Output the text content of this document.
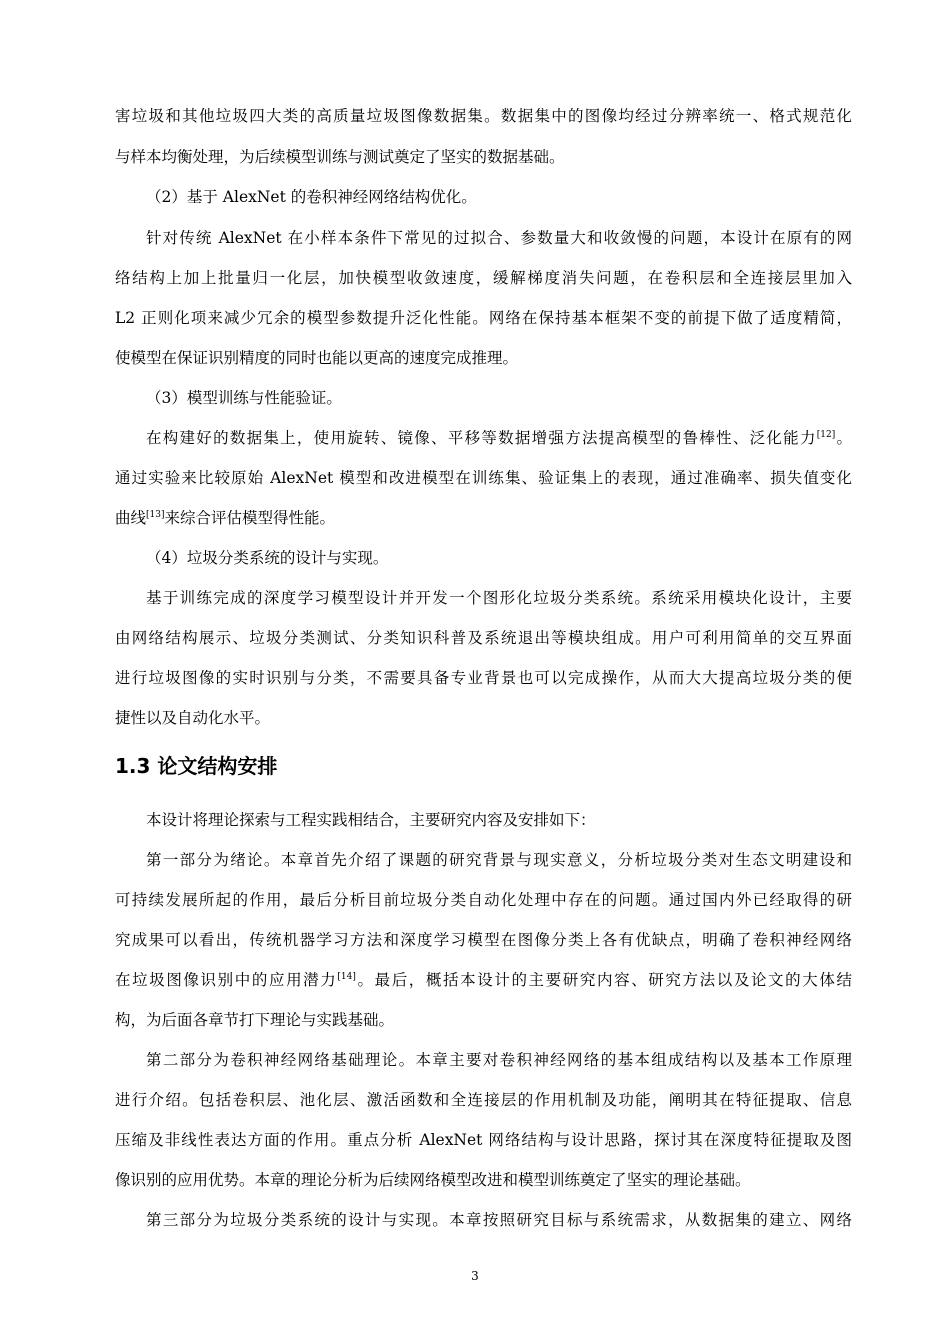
害垃圾和其他垃圾四大类的高质量垃圾图像数据集。数据集中的图像均经过分辨率统一、格式规范化

与样本均衡处理，为后续模型训练与测试奠定了坚实的数据基础。

（2）基于 AlexNet 的卷积神经网络结构优化。

针对传统 AlexNet 在小样本条件下常见的过拟合、参数量大和收敛慢的问题，本设计在原有的网

络结构上加上批量归一化层，加快模型收敛速度，缓解梯度消失问题，在卷积层和全连接层里加入

L2 正则化项来减少冗余的模型参数提升泛化性能。网络在保持基本框架不变的前提下做了适度精简，

使模型在保证识别精度的同时也能以更高的速度完成推理。

（3）模型训练与性能验证。

在构建好的数据集上，使用旋转、镜像、平移等数据增强方法提高模型的鲁棒性、泛化能力[12]。

通过实验来比较原始 AlexNet 模型和改进模型在训练集、验证集上的表现，通过准确率、损失值变化

曲线[13]来综合评估模型得性能。

（4）垃圾分类系统的设计与实现。

基于训练完成的深度学习模型设计并开发一个图形化垃圾分类系统。系统采用模块化设计，主要

由网络结构展示、垃圾分类测试、分类知识科普及系统退出等模块组成。用户可利用简单的交互界面

进行垃圾图像的实时识别与分类，不需要具备专业背景也可以完成操作，从而大大提高垃圾分类的便

捷性以及自动化水平。

1.3 论文结构安排

本设计将理论探索与工程实践相结合，主要研究内容及安排如下：

第一部分为绪论。本章首先介绍了课题的研究背景与现实意义，分析垃圾分类对生态文明建设和

可持续发展所起的作用，最后分析目前垃圾分类自动化处理中存在的问题。通过国内外已经取得的研

究成果可以看出，传统机器学习方法和深度学习模型在图像分类上各有优缺点，明确了卷积神经网络

在垃圾图像识别中的应用潜力[14]。最后，概括本设计的主要研究内容、研究方法以及论文的大体结

构，为后面各章节打下理论与实践基础。

第二部分为卷积神经网络基础理论。本章主要对卷积神经网络的基本组成结构以及基本工作原理

进行介绍。包括卷积层、池化层、激活函数和全连接层的作用机制及功能，阐明其在特征提取、信息

压缩及非线性表达方面的作用。重点分析 AlexNet 网络结构与设计思路，探讨其在深度特征提取及图

像识别的应用优势。本章的理论分析为后续网络模型改进和模型训练奠定了坚实的理论基础。

第三部分为垃圾分类系统的设计与实现。本章按照研究目标与系统需求，从数据集的建立、网络

3
